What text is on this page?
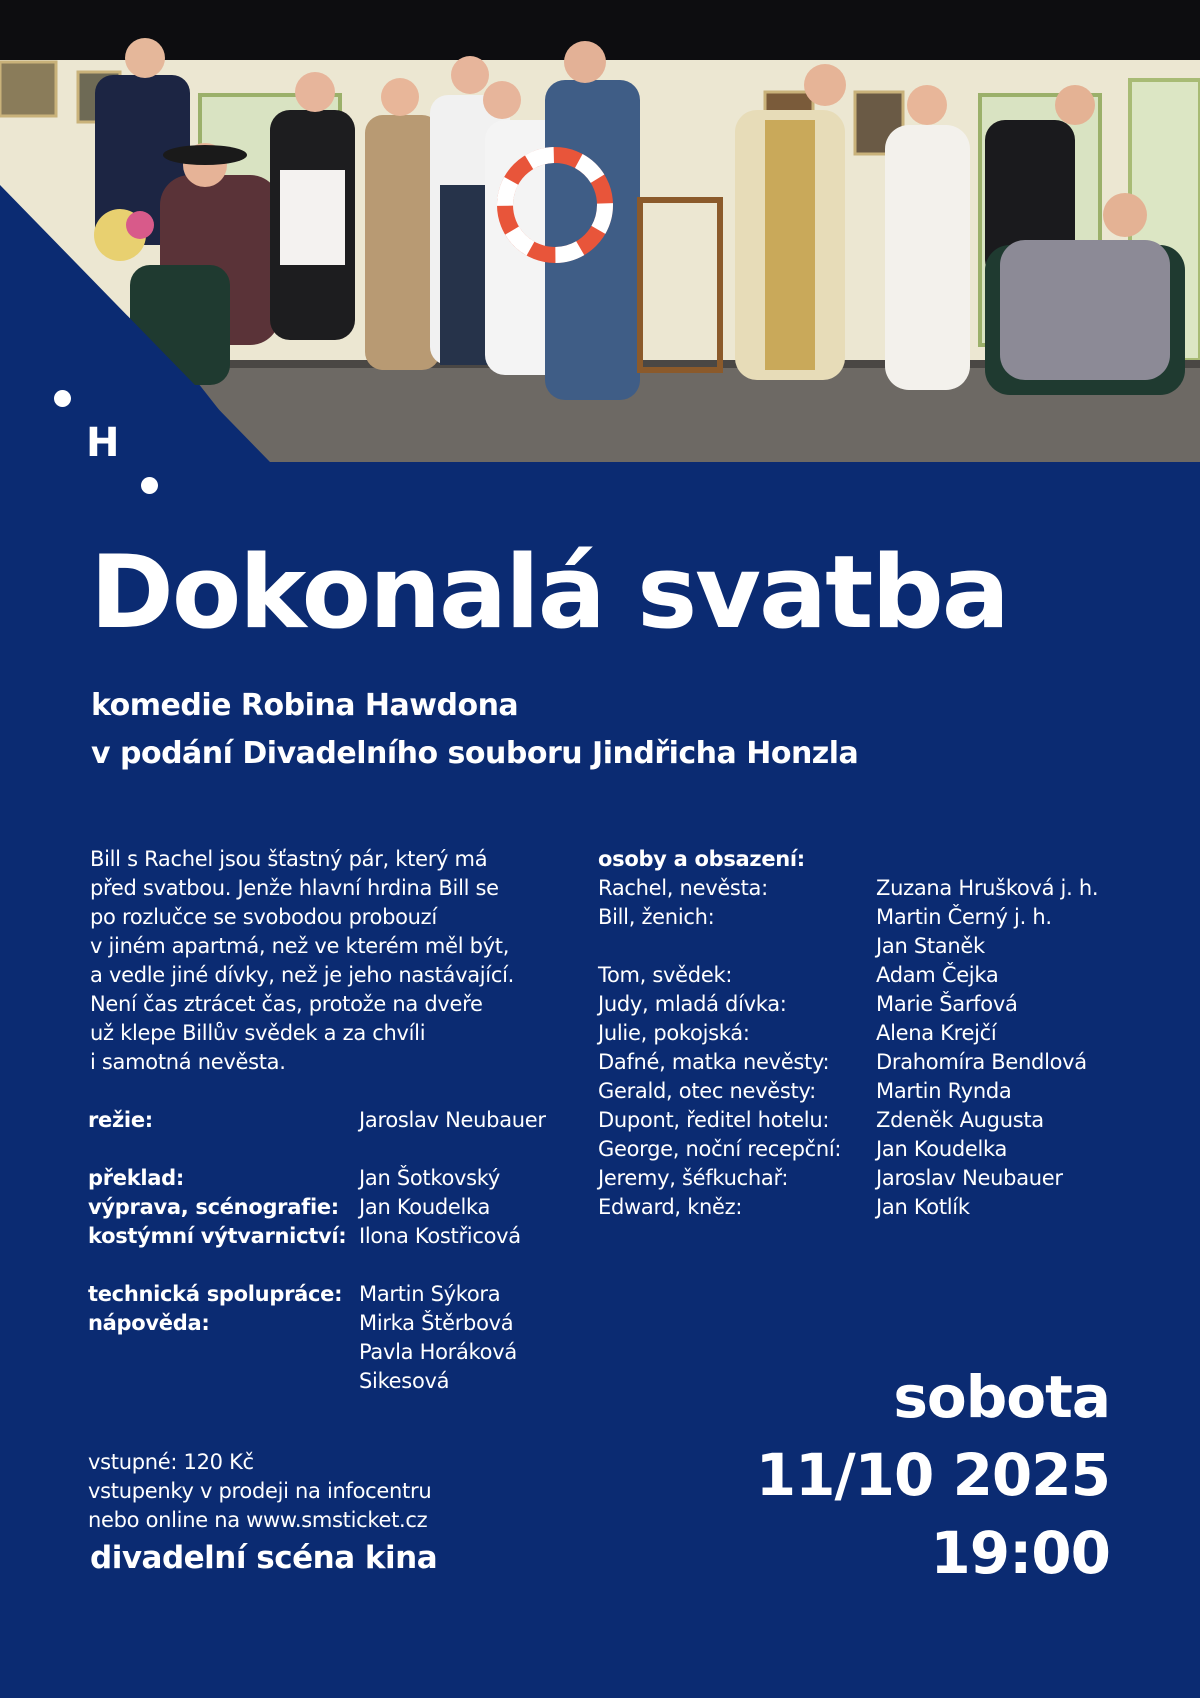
H
Dokonalá svatba
komedie Robina Hawdona
v podání Divadelního souboru Jindřicha Honzla
Bill s Rachel jsou šťastný pár, který má
před svatbou. Jenže hlavní hrdina Bill se
po rozlučce se svobodou probouzí
v jiném apartmá, než ve kterém měl být,
a vedle jiné dívky, než je jeho nastávající.
Není čas ztrácet čas, protože na dveře
už klepe Billův svědek a za chvíli
i samotná nevěsta.
režie:	Jaroslav Neubauer
překlad:	Jan Šotkovský
výprava, scénografie: Jan Koudelka
kostýmní výtvarnictví: Ilona Kostřicová
technická spolupráce: Martin Sýkora
nápověda:	Mirka Štěrbová
Pavla Horáková
Sikesová
osoby a obsazení:
Rachel, nevěsta:	Zuzana Hrušková j. h.
Bill, ženich:	Martin Černý j. h.
Jan Staněk
Tom, svědek:	Adam Čejka
Judy, mladá dívka:	Marie Šarfová
Julie, pokojská:	Alena Krejčí
Dafné, matka nevěsty: Drahomíra Bendlová
Gerald, otec nevěsty:	Martin Rynda
Dupont, ředitel hotelu: Zdeněk Augusta
George, noční recepční: Jan Koudelka
Jeremy, šéfkuchař:	Jaroslav Neubauer
Edward, kněz:	Jan Kotlík
vstupné: 120 Kč
vstupenky v prodeji na infocentru
nebo online na www.smsticket.cz
divadelní scéna kina
sobota
11/10 2025
19:00
